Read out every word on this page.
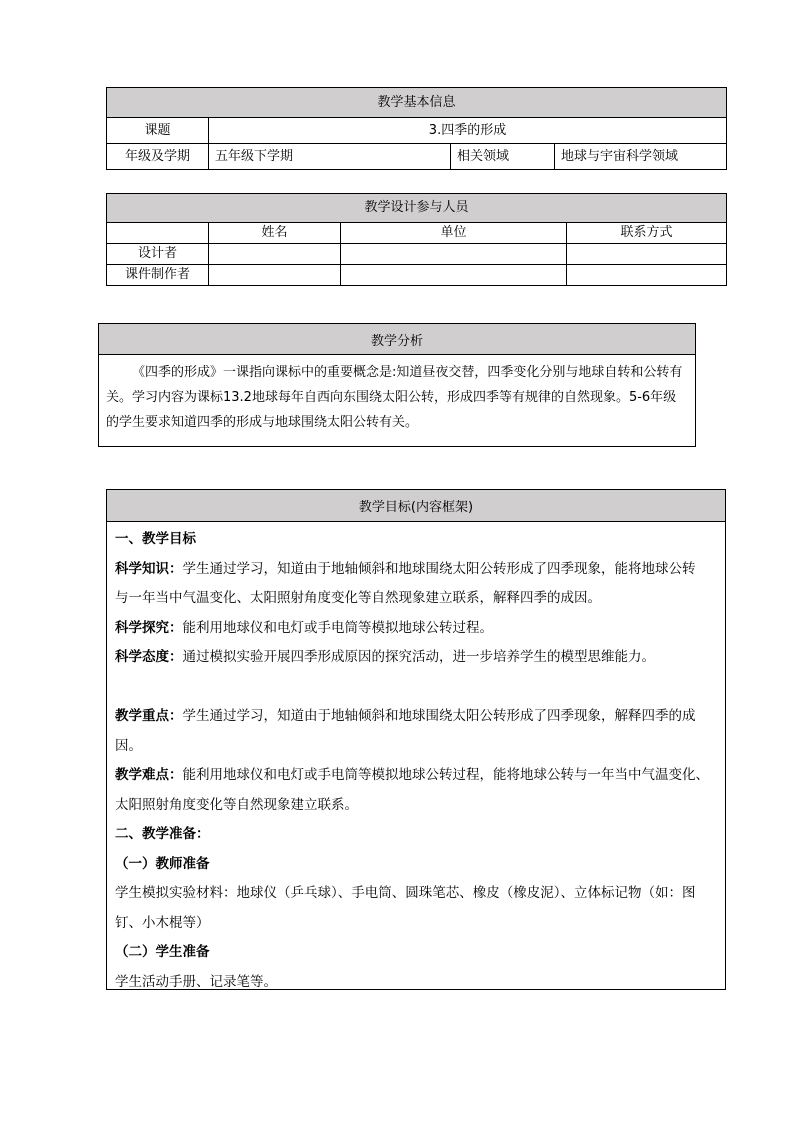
教学基本信息			
课题	3.四季的形成		
年级及学期	五年级下学期	相关领域	地球与宇宙科学领域
教学设计参与人员			
	姓名	单位	联系方式
设计者			
课件制作者			
教学分析
《四季的形成》一课指向课标中的重要概念是:知道昼夜交替，四季变化分别与地球自转和公转有关。学习内容为课标13.2地球每年自西向东围绕太阳公转，形成四季等有规律的自然现象。5-6年级的学生要求知道四季的形成与地球围绕太阳公转有关。
教学目标(内容框架)
一、教学目标
科学知识：学生通过学习，知道由于地轴倾斜和地球围绕太阳公转形成了四季现象，能将地球公转
与一年当中气温变化、太阳照射角度变化等自然现象建立联系，解释四季的成因。
科学探究：能利用地球仪和电灯或手电筒等模拟地球公转过程。
科学态度：通过模拟实验开展四季形成原因的探究活动，进一步培养学生的模型思维能力。
教学重点：学生通过学习，知道由于地轴倾斜和地球围绕太阳公转形成了四季现象，解释四季的成
因。
教学难点：能利用地球仪和电灯或手电筒等模拟地球公转过程，能将地球公转与一年当中气温变化、
太阳照射角度变化等自然现象建立联系。
二、教学准备：
（一）教师准备
学生模拟实验材料：地球仪（乒乓球）、手电筒、圆珠笔芯、橡皮（橡皮泥）、立体标记物（如：图
钉、小木棍等）
（二）学生准备
学生活动手册、记录笔等。
